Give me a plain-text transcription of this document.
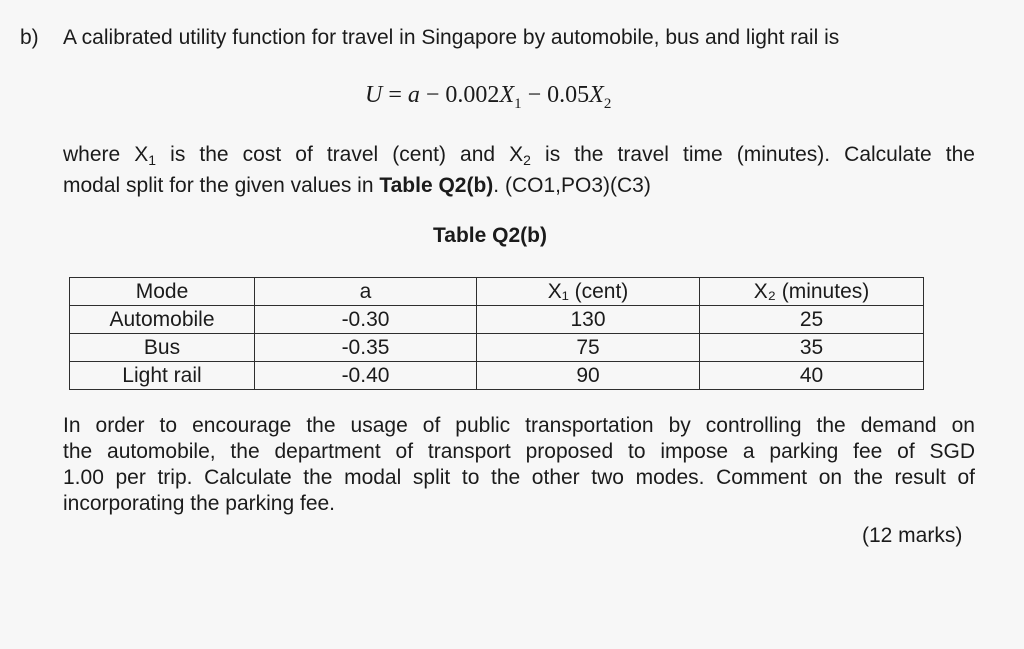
b) A calibrated utility function for travel in Singapore by automobile, bus and light rail is
$U = a - 0.002X_1 - 0.05X_2$
where $X_1$ is the cost of travel (cent) and $X_2$ is the travel time (minutes). Calculate the
modal split for the given values in Table Q2(b). (CO1,PO3)(C3)
Table Q2(b)
Mode	a	X₁ (cent)	X₂ (minutes)
Automobile	-0.30	130	25
Bus	-0.35	75	35
Light rail	-0.40	90	40
In order to encourage the usage of public transportation by controlling the demand on
the automobile, the department of transport proposed to impose a parking fee of SGD
1.00 per trip. Calculate the modal split to the other two modes. Comment on the result of
incorporating the parking fee.
(12 marks)
